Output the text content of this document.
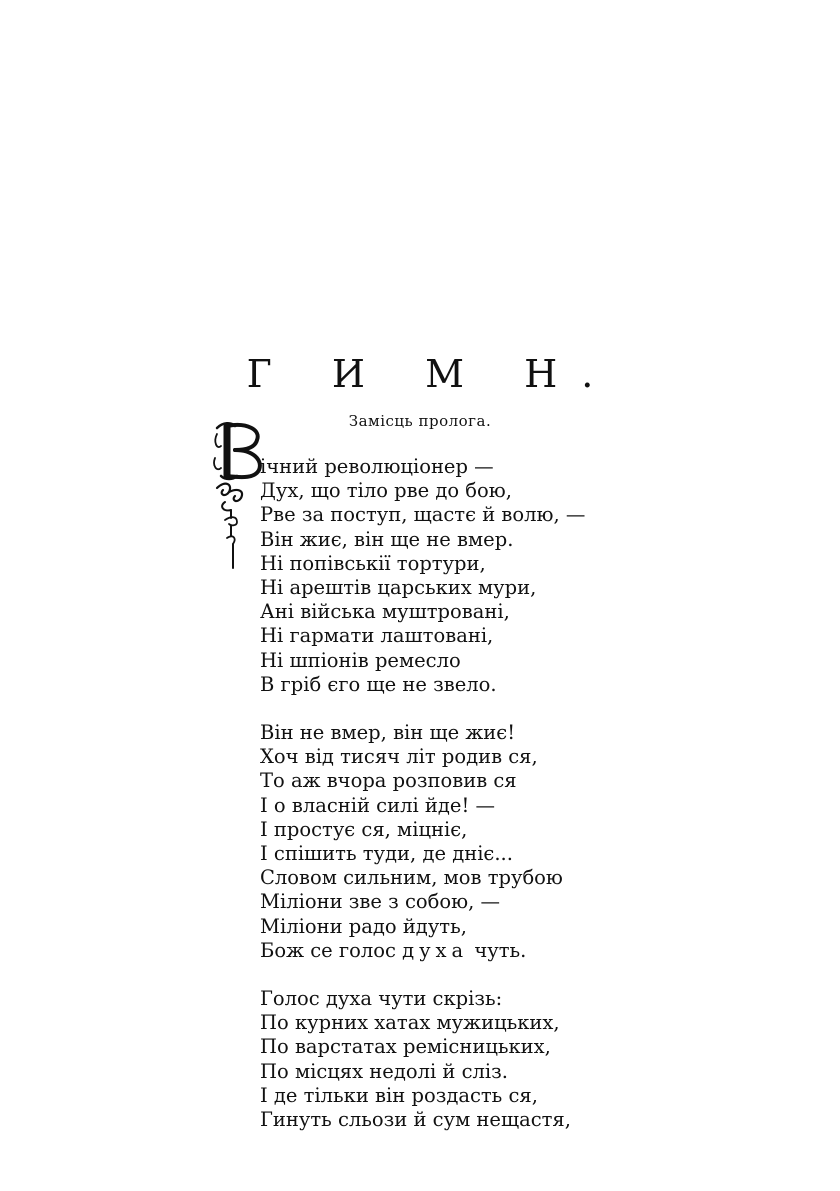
Г И М Н.

Замісць пролога.

ічний революціонер —
Дух, що тіло рве до бою,
Рве за поступ, щастє й волю, —
Він жиє, він ще не вмер.
Ні попівськії тортури,
Ні арештів царських мури,
Ані війська муштровані,
Ні гармати лаштовані,
Ні шпіонів ремесло
В гріб єго ще не звело.
Він не вмер, він ще жиє!
Хоч від тисяч літ родив ся,
То аж вчора розповив ся
І о власній силі йде! —
І простує ся, міцніє,
І спішить туди, де дніє...
Словом сильним, мов трубою
Міліони зве з собою, —
Міліони радо йдуть,
Бож се голос духа чуть.
Голос духа чути скрізь:
По курних хатах мужицьких,
По варстатах ремісницьких,
По місцях недолі й сліз.
І де тільки він роздасть ся,
Гинуть сльози й сум нещастя,
